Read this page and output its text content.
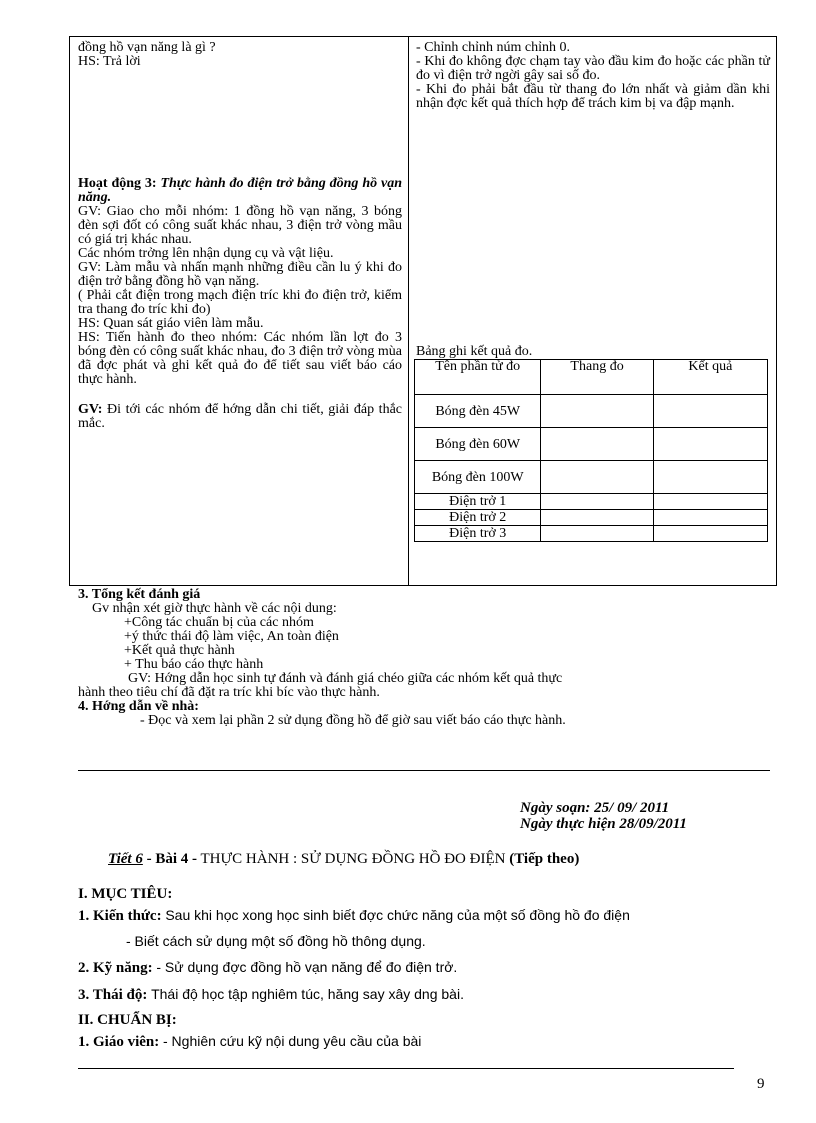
đồng hồ vạn năng là gì ?

HS: Trả lời

Hoạt động 3: Thực hành đo điện trở bằng đồng hồ vạn năng.

GV: Giao cho mỗi nhóm: 1 đồng hồ vạn năng, 3 bóng đèn sợi đốt có công suất khác nhau, 3 điện trở vòng mầu có giá trị khác nhau.

Các nhóm trởng lên nhận dụng cụ và vật liệu.

GV: Làm mẫu và nhấn mạnh những điều cần lu ý khi đo điện trở bằng đồng hồ vạn năng.

( Phải cắt điện trong mạch điện tríc khi đo điện trở, kiểm tra thang đo tríc khi đo)

HS: Quan sát giáo viên làm mẫu.

HS: Tiến hành đo theo nhóm: Các nhóm lần lợt đo 3 bóng đèn có công suất khác nhau, đo 3 điện trở vòng mùa đã đợc phát và ghi kết quả đo để tiết sau viết báo cáo thực hành.

GV: Đi tới các nhóm để hớng dẫn chi tiết, giải đáp thắc mắc.

- Chỉnh chỉnh núm chỉnh 0.

- Khi đo không đợc chạm tay vào đầu kim đo hoặc các phần tử đo vì điện trở ngời gây sai số đo.

- Khi đo phải bắt đầu từ thang đo lớn nhất và giảm dần khi nhận đợc kết quả thích hợp để trách kim bị va đập mạnh.

Bảng ghi kết quả đo.
Tên phần tử đo	Thang đo	Kết quả
Bóng đèn 45W		
Bóng đèn 60W		
Bóng đèn 100W		
Điện trở 1		
Điện trở 2		
Điện trở 3		

3. Tổng kết đánh giá

Gv nhận xét giờ thực hành về các nội dung:

+Công tác chuẩn bị của các nhóm

+ý thức thái độ làm việc, An toàn điện

+Kết quả thực hành

+ Thu báo cáo thực hành

GV: Hớng dẫn học sinh tự đánh và đánh giá chéo giữa các nhóm kết quả thực

hành theo tiêu chí đã đặt ra tríc khi bíc vào thực hành.

4. Hớng dẫn về nhà:

- Đọc và xem lại phần 2 sử dụng đồng hồ để giờ sau viết báo cáo thực hành.

Ngày soạn: 25/ 09/ 2011
Ngày thực hiện 28/09/2011
Tiết 6 - Bài 4 - THỰC HÀNH : SỬ DỤNG ĐỒNG HỒ ĐO ĐIỆN (Tiếp theo)

I. MỤC TIÊU:

1. Kiến thức: Sau khi học xong học sinh biết đợc chức năng của một số đồng hồ đo điện

- Biết cách sử dụng một số đồng hồ thông dụng.

2. Kỹ năng: - Sử dụng đợc đồng hồ vạn năng để đo điện trở.

3. Thái độ: Thái độ học tập nghiêm túc, hăng say xây dng bài.

II. CHUẨN BỊ:

1. Giáo viên: - Nghiên cứu kỹ nội dung yêu cầu của bài

9
